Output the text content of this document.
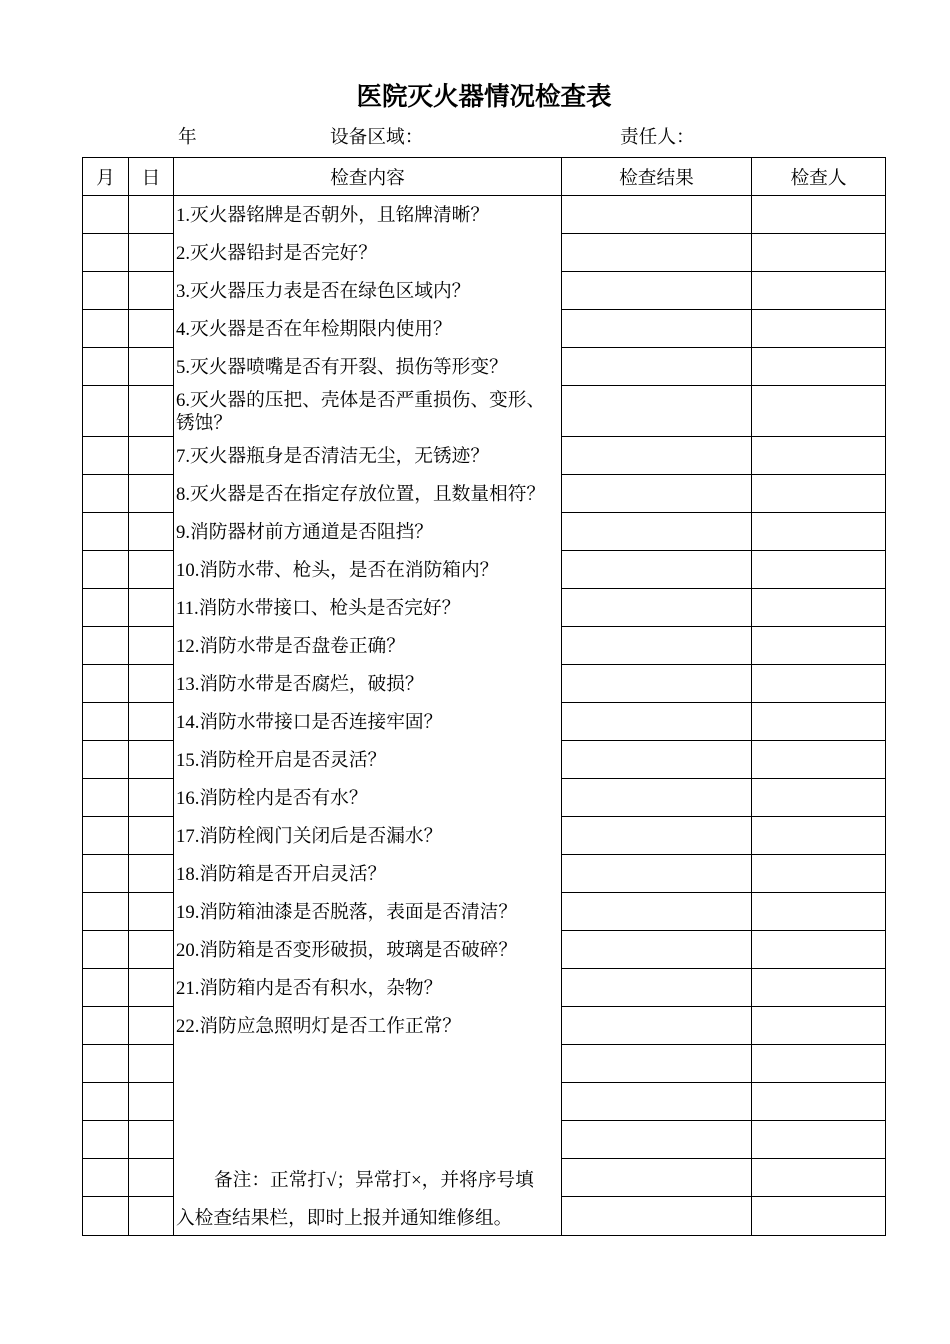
医院灭火器情况检查表
年	设备区域：	责任人：
月	日	检查内容	检查结果	检查人
1.灭火器铭牌是否朝外，且铭牌清晰？
2.灭火器铅封是否完好？
3.灭火器压力表是否在绿色区域内？
4.灭火器是否在年检期限内使用？
5.灭火器喷嘴是否有开裂、损伤等形变？
6.灭火器的压把、壳体是否严重损伤、变形、锈蚀？
7.灭火器瓶身是否清洁无尘，无锈迹？
8.灭火器是否在指定存放位置，且数量相符？
9.消防器材前方通道是否阻挡？
10.消防水带、枪头，是否在消防箱内？
11.消防水带接口、枪头是否完好？
12.消防水带是否盘卷正确？
13.消防水带是否腐烂，破损？
14.消防水带接口是否连接牢固？
15.消防栓开启是否灵活？
16.消防栓内是否有水？
17.消防栓阀门关闭后是否漏水？
18.消防箱是否开启灵活？
19.消防箱油漆是否脱落，表面是否清洁？
20.消防箱是否变形破损，玻璃是否破碎？
21.消防箱内是否有积水，杂物？
22.消防应急照明灯是否工作正常？
备注：正常打√；异常打×，并将序号填
入检查结果栏，即时上报并通知维修组。
